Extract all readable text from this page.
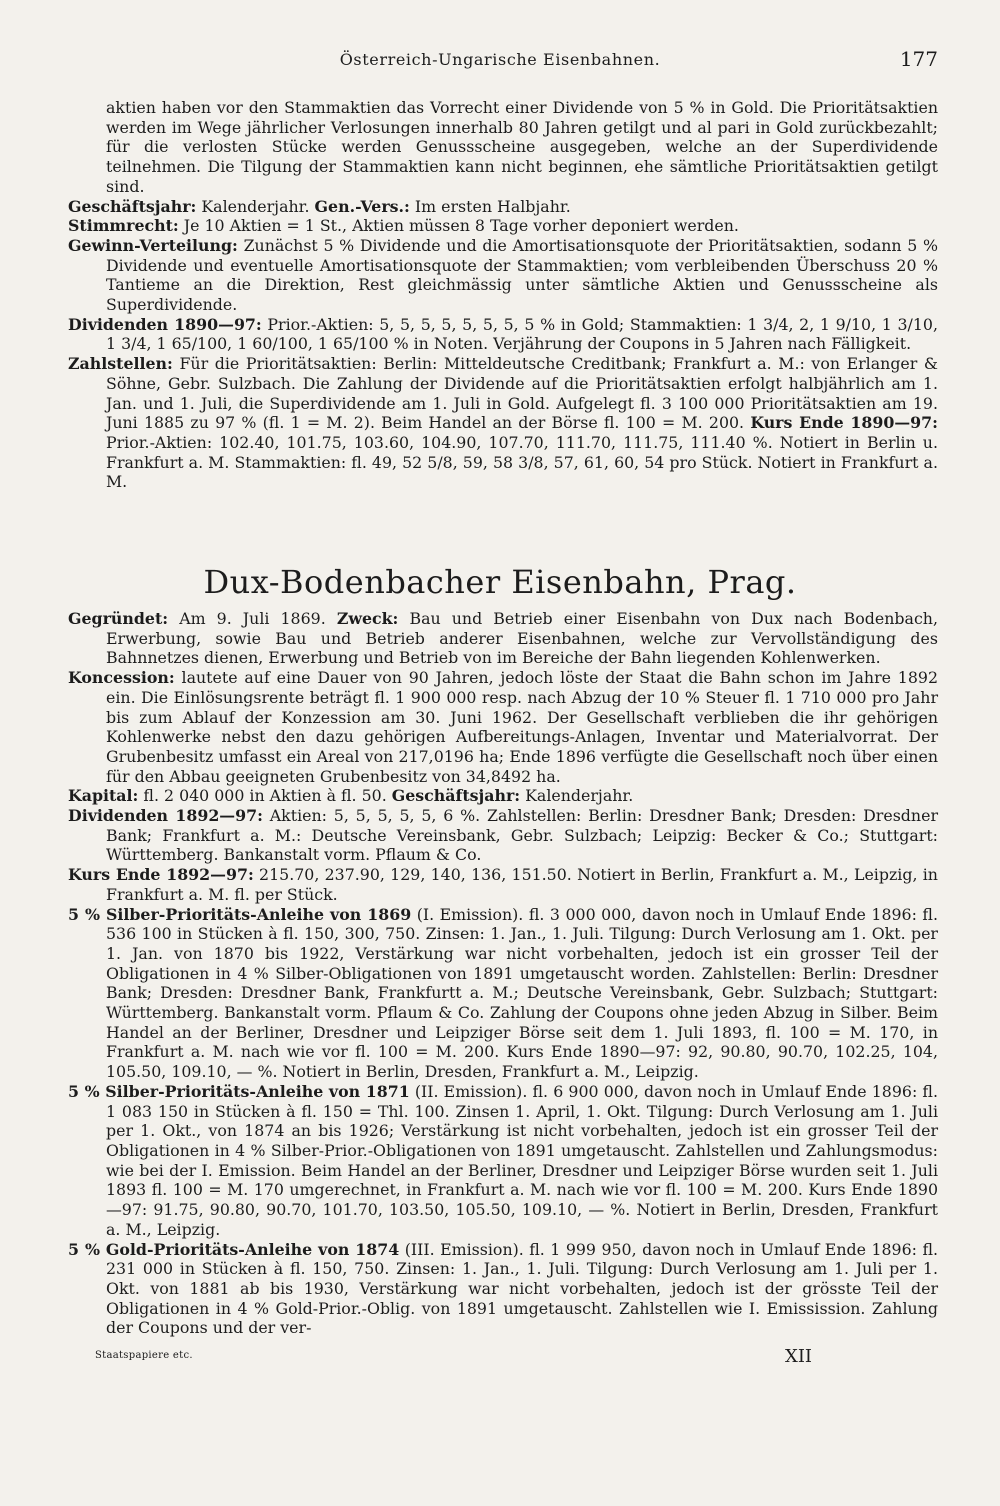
Österreich-Ungarische Eisenbahnen.	177

aktien haben vor den Stammaktien das Vorrecht einer Dividende von 5 % in Gold. Die Prioritätsaktien werden im Wege jährlicher Verlosungen innerhalb 80 Jahren getilgt und al pari in Gold zurückbezahlt; für die verlosten Stücke werden Genussscheine ausgegeben, welche an der Superdividende teilnehmen. Die Tilgung der Stammaktien kann nicht beginnen, ehe sämtliche Prioritätsaktien getilgt sind.

Geschäftsjahr: Kalenderjahr. Gen.-Vers.: Im ersten Halbjahr.

Stimmrecht: Je 10 Aktien = 1 St., Aktien müssen 8 Tage vorher deponiert werden.

Gewinn-Verteilung: Zunächst 5 % Dividende und die Amortisationsquote der Prioritätsaktien, sodann 5 % Dividende und eventuelle Amortisationsquote der Stammaktien; vom verbleibenden Überschuss 20 % Tantieme an die Direktion, Rest gleichmässig unter sämtliche Aktien und Genussscheine als Superdividende.

Dividenden 1890—97: Prior.-Aktien: 5, 5, 5, 5, 5, 5, 5, 5 % in Gold; Stammaktien: 1 3/4, 2, 1 9/10, 1 3/10, 1 3/4, 1 65/100, 1 60/100, 1 65/100 % in Noten. Verjährung der Coupons in 5 Jahren nach Fälligkeit.

Zahlstellen: Für die Prioritätsaktien: Berlin: Mitteldeutsche Creditbank; Frankfurt a. M.: von Erlanger & Söhne, Gebr. Sulzbach. Die Zahlung der Dividende auf die Prioritätsaktien erfolgt halbjährlich am 1. Jan. und 1. Juli, die Superdividende am 1. Juli in Gold. Aufgelegt fl. 3 100 000 Prioritätsaktien am 19. Juni 1885 zu 97 % (fl. 1 = M. 2). Beim Handel an der Börse fl. 100 = M. 200. Kurs Ende 1890—97: Prior.-Aktien: 102.40, 101.75, 103.60, 104.90, 107.70, 111.70, 111.75, 111.40 %. Notiert in Berlin u. Frankfurt a. M. Stammaktien: fl. 49, 52 5/8, 59, 58 3/8, 57, 61, 60, 54 pro Stück. Notiert in Frankfurt a. M.

Dux-Bodenbacher Eisenbahn, Prag.

Gegründet: Am 9. Juli 1869. Zweck: Bau und Betrieb einer Eisenbahn von Dux nach Bodenbach, Erwerbung, sowie Bau und Betrieb anderer Eisenbahnen, welche zur Vervollständigung des Bahnnetzes dienen, Erwerbung und Betrieb von im Bereiche der Bahn liegenden Kohlenwerken.

Koncession: lautete auf eine Dauer von 90 Jahren, jedoch löste der Staat die Bahn schon im Jahre 1892 ein. Die Einlösungsrente beträgt fl. 1 900 000 resp. nach Abzug der 10 % Steuer fl. 1 710 000 pro Jahr bis zum Ablauf der Konzession am 30. Juni 1962. Der Gesellschaft verblieben die ihr gehörigen Kohlenwerke nebst den dazu gehörigen Aufbereitungs-Anlagen, Inventar und Materialvorrat. Der Grubenbesitz umfasst ein Areal von 217,0196 ha; Ende 1896 verfügte die Gesellschaft noch über einen für den Abbau geeigneten Grubenbesitz von 34,8492 ha.

Kapital: fl. 2 040 000 in Aktien à fl. 50. Geschäftsjahr: Kalenderjahr.

Dividenden 1892—97: Aktien: 5, 5, 5, 5, 5, 6 %. Zahlstellen: Berlin: Dresdner Bank; Dresden: Dresdner Bank; Frankfurt a. M.: Deutsche Vereinsbank, Gebr. Sulzbach; Leipzig: Becker & Co.; Stuttgart: Württemberg. Bankanstalt vorm. Pflaum & Co.

Kurs Ende 1892—97: 215.70, 237.90, 129, 140, 136, 151.50. Notiert in Berlin, Frankfurt a. M., Leipzig, in Frankfurt a. M. fl. per Stück.

5 % Silber-Prioritäts-Anleihe von 1869 (I. Emission). fl. 3 000 000, davon noch in Umlauf Ende 1896: fl. 536 100 in Stücken à fl. 150, 300, 750. Zinsen: 1. Jan., 1. Juli. Tilgung: Durch Verlosung am 1. Okt. per 1. Jan. von 1870 bis 1922, Verstärkung war nicht vorbehalten, jedoch ist ein grosser Teil der Obligationen in 4 % Silber-Obligationen von 1891 umgetauscht worden. Zahlstellen: Berlin: Dresdner Bank; Dresden: Dresdner Bank, Frankfurtt a. M.; Deutsche Vereinsbank, Gebr. Sulzbach; Stuttgart: Württemberg. Bankanstalt vorm. Pflaum & Co. Zahlung der Coupons ohne jeden Abzug in Silber. Beim Handel an der Berliner, Dresdner und Leipziger Börse seit dem 1. Juli 1893, fl. 100 = M. 170, in Frankfurt a. M. nach wie vor fl. 100 = M. 200. Kurs Ende 1890—97: 92, 90.80, 90.70, 102.25, 104, 105.50, 109.10, — %. Notiert in Berlin, Dresden, Frankfurt a. M., Leipzig.

5 % Silber-Prioritäts-Anleihe von 1871 (II. Emission). fl. 6 900 000, davon noch in Umlauf Ende 1896: fl. 1 083 150 in Stücken à fl. 150 = Thl. 100. Zinsen 1. April, 1. Okt. Tilgung: Durch Verlosung am 1. Juli per 1. Okt., von 1874 an bis 1926; Verstärkung ist nicht vorbehalten, jedoch ist ein grosser Teil der Obligationen in 4 % Silber-Prior.-Obligationen von 1891 umgetauscht. Zahlstellen und Zahlungsmodus: wie bei der I. Emission. Beim Handel an der Berliner, Dresdner und Leipziger Börse wurden seit 1. Juli 1893 fl. 100 = M. 170 umgerechnet, in Frankfurt a. M. nach wie vor fl. 100 = M. 200. Kurs Ende 1890—97: 91.75, 90.80, 90.70, 101.70, 103.50, 105.50, 109.10, — %. Notiert in Berlin, Dresden, Frankfurt a. M., Leipzig.

5 % Gold-Prioritäts-Anleihe von 1874 (III. Emission). fl. 1 999 950, davon noch in Umlauf Ende 1896: fl. 231 000 in Stücken à fl. 150, 750. Zinsen: 1. Jan., 1. Juli. Tilgung: Durch Verlosung am 1. Juli per 1. Okt. von 1881 ab bis 1930, Verstärkung war nicht vorbehalten, jedoch ist der grösste Teil der Obligationen in 4 % Gold-Prior.-Oblig. von 1891 umgetauscht. Zahlstellen wie I. Emissission. Zahlung der Coupons und der ver-

Staatspapiere etc.	XII
